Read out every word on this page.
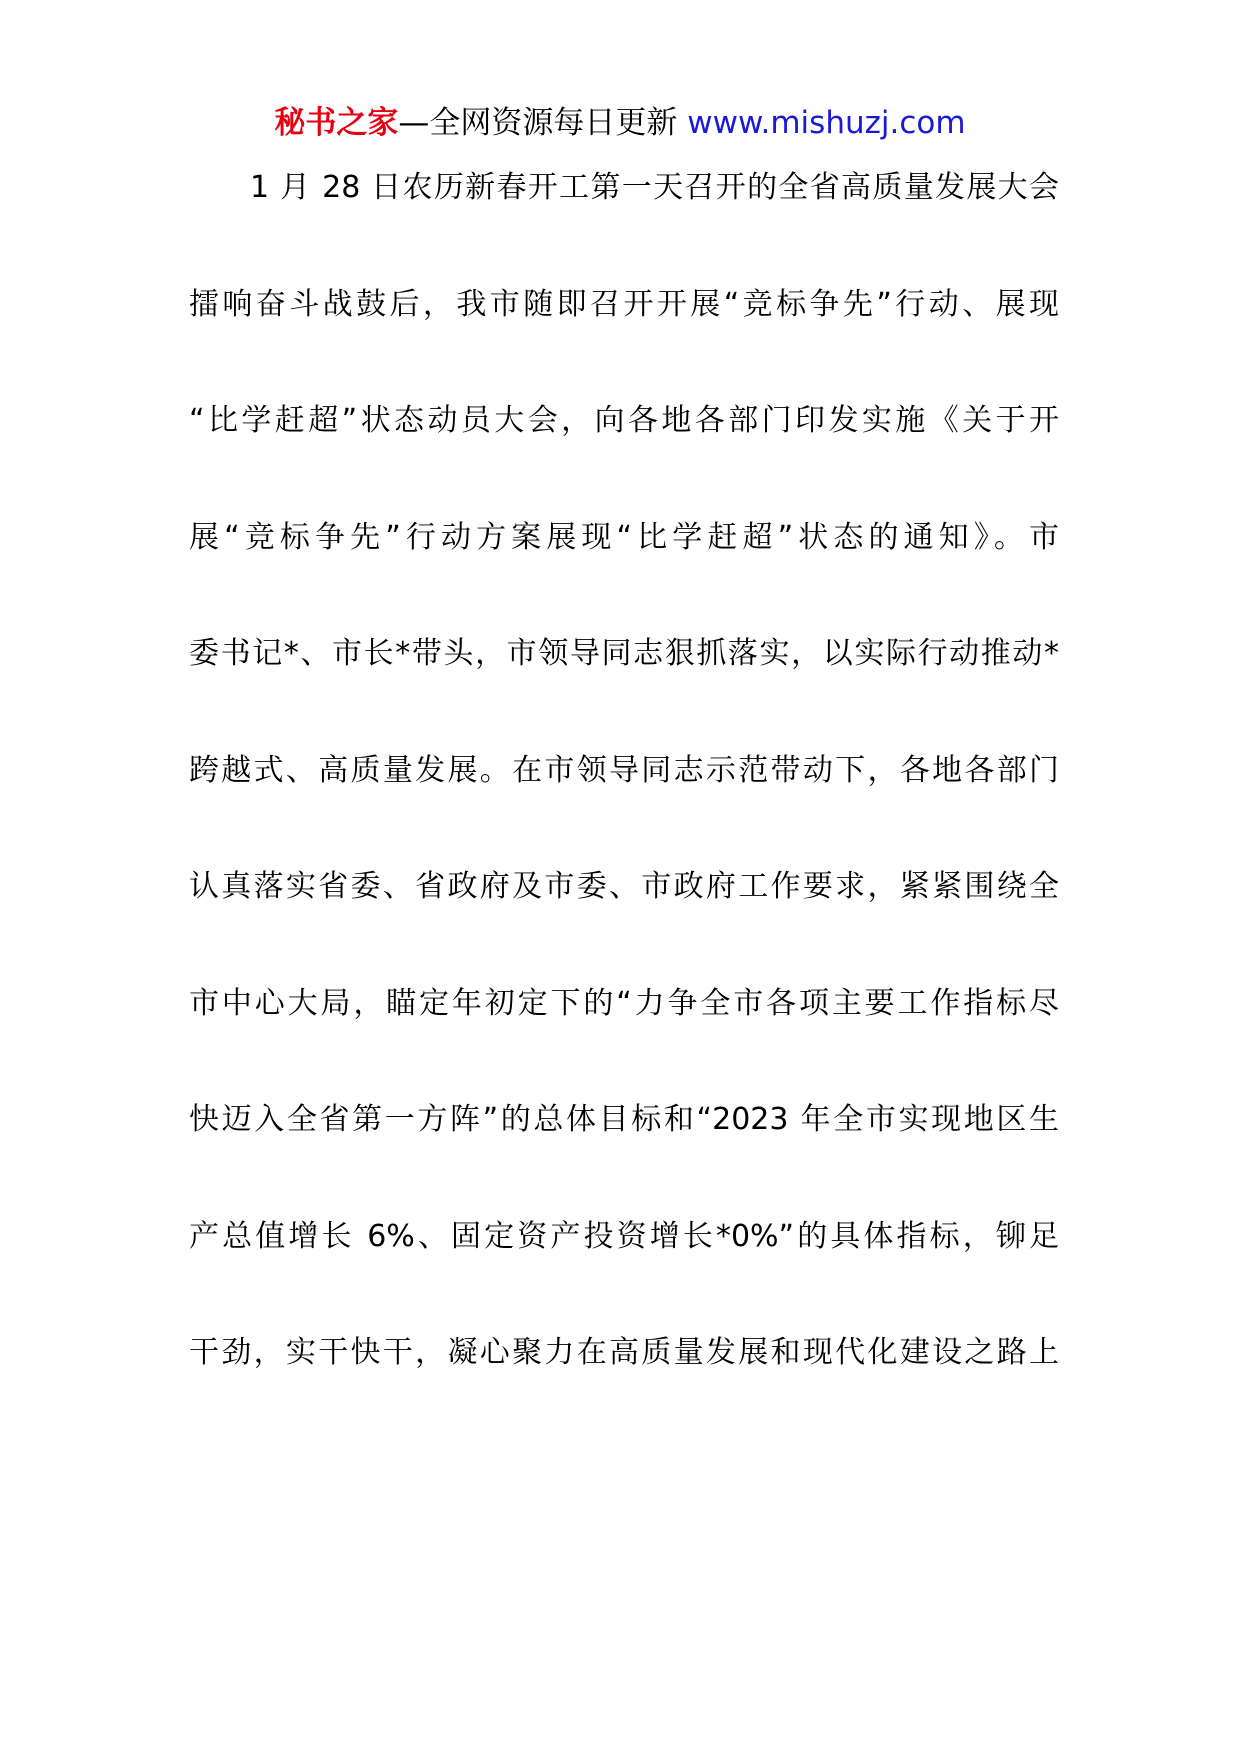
秘书之家—全网资源每日更新 www.mishuzj.com
1 月 28 日农历新春开工第一天召开的全省高质量发展大会
擂响奋斗战鼓后，我市随即召开开展“竞标争先”行动、展现
“比学赶超”状态动员大会，向各地各部门印发实施《关于开
展“竞标争先”行动方案展现“比学赶超”状态的通知》。市
委书记*、市长*带头，市领导同志狠抓落实，以实际行动推动*
跨越式、高质量发展。在市领导同志示范带动下，各地各部门
认真落实省委、省政府及市委、市政府工作要求，紧紧围绕全
市中心大局，瞄定年初定下的“力争全市各项主要工作指标尽
快迈入全省第一方阵”的总体目标和“2023 年全市实现地区生
产总值增长 6%、固定资产投资增长*0%”的具体指标，铆足
干劲，实干快干，凝心聚力在高质量发展和现代化建设之路上
